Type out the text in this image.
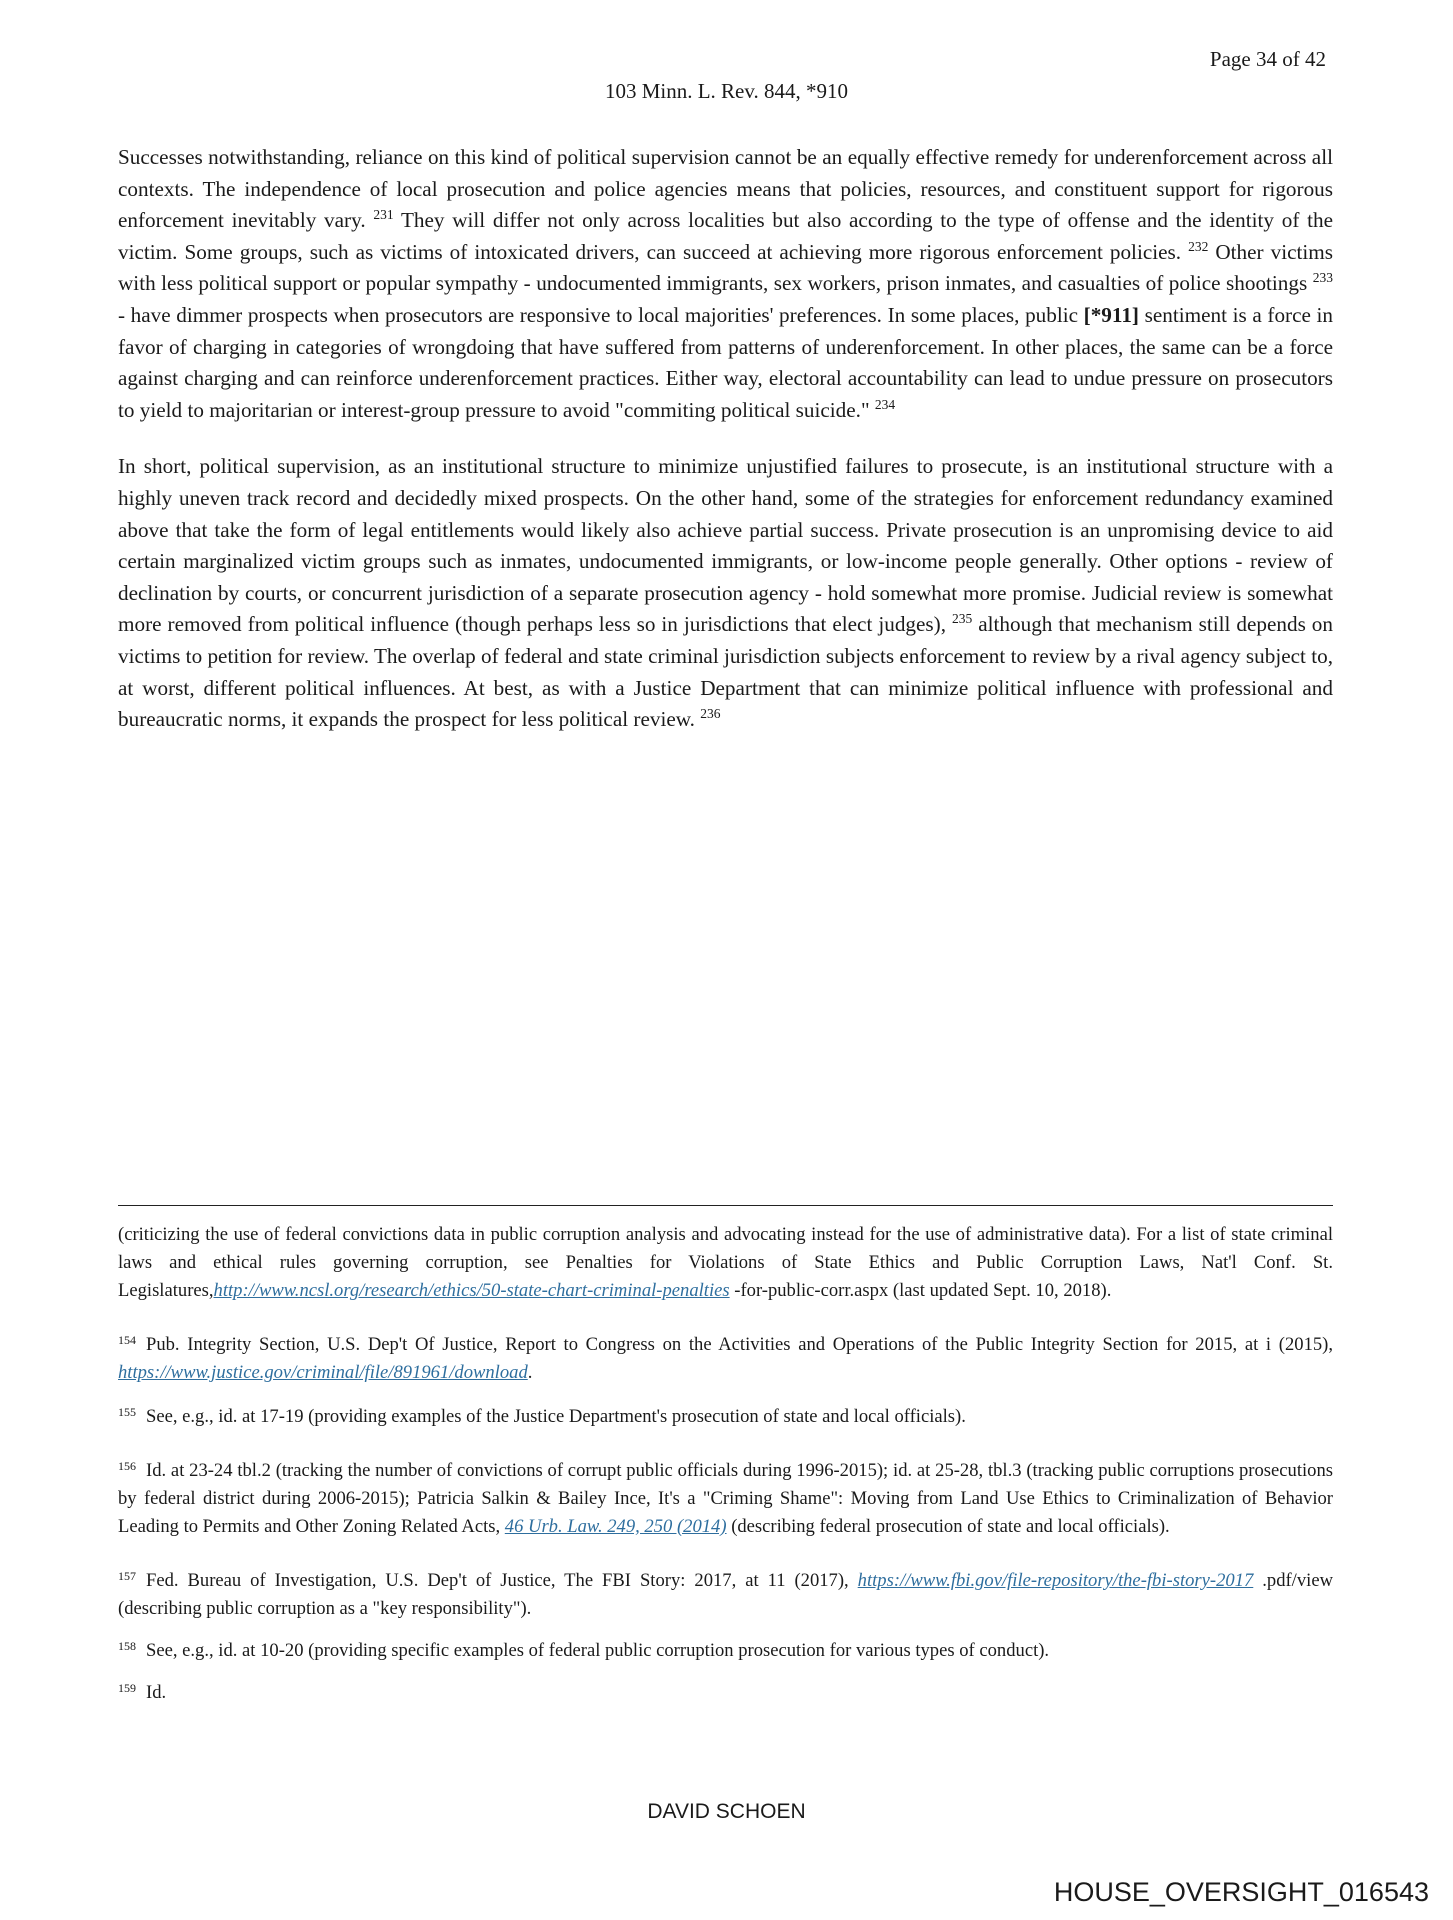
Page 34 of 42
103 Minn. L. Rev. 844, *910

Successes notwithstanding, reliance on this kind of political supervision cannot be an equally effective remedy for underenforcement across all contexts. The independence of local prosecution and police agencies means that policies, resources, and constituent support for rigorous enforcement inevitably vary. $^{231}$ They will differ not only across localities but also according to the type of offense and the identity of the victim. Some groups, such as victims of intoxicated drivers, can succeed at achieving more rigorous enforcement policies. $^{232}$ Other victims with less political support or popular sympathy - undocumented immigrants, sex workers, prison inmates, and casualties of police shootings $^{233}$ - have dimmer prospects when prosecutors are responsive to local majorities' preferences. In some places, public [*911] sentiment is a force in favor of charging in categories of wrongdoing that have suffered from patterns of underenforcement. In other places, the same can be a force against charging and can reinforce underenforcement practices. Either way, electoral accountability can lead to undue pressure on prosecutors to yield to majoritarian or interest-group pressure to avoid "commiting political suicide." $^{234}$

In short, political supervision, as an institutional structure to minimize unjustified failures to prosecute, is an institutional structure with a highly uneven track record and decidedly mixed prospects. On the other hand, some of the strategies for enforcement redundancy examined above that take the form of legal entitlements would likely also achieve partial success. Private prosecution is an unpromising device to aid certain marginalized victim groups such as inmates, undocumented immigrants, or low-income people generally. Other options - review of declination by courts, or concurrent jurisdiction of a separate prosecution agency - hold somewhat more promise. Judicial review is somewhat more removed from political influence (though perhaps less so in jurisdictions that elect judges), $^{235}$ although that mechanism still depends on victims to petition for review. The overlap of federal and state criminal jurisdiction subjects enforcement to review by a rival agency subject to, at worst, different political influences. At best, as with a Justice Department that can minimize political influence with professional and bureaucratic norms, it expands the prospect for less political review. $^{236}$

(criticizing the use of federal convictions data in public corruption analysis and advocating instead for the use of administrative data). For a list of state criminal laws and ethical rules governing corruption, see Penalties for Violations of State Ethics and Public Corruption Laws, Nat'l Conf. St. Legislatures,http://www.ncsl.org/research/ethics/50-state-chart-criminal-penalties -for-public-corr.aspx (last updated Sept. 10, 2018).

$^{154}$ Pub. Integrity Section, U.S. Dep't Of Justice, Report to Congress on the Activities and Operations of the Public Integrity Section for 2015, at i (2015), https://www.justice.gov/criminal/file/891961/download.

$^{155}$ See, e.g., id. at 17-19 (providing examples of the Justice Department's prosecution of state and local officials).

$^{156}$ Id. at 23-24 tbl.2 (tracking the number of convictions of corrupt public officials during 1996-2015); id. at 25-28, tbl.3 (tracking public corruptions prosecutions by federal district during 2006-2015); Patricia Salkin & Bailey Ince, It's a "Criming Shame": Moving from Land Use Ethics to Criminalization of Behavior Leading to Permits and Other Zoning Related Acts, 46 Urb. Law. 249, 250 (2014) (describing federal prosecution of state and local officials).

$^{157}$ Fed. Bureau of Investigation, U.S. Dep't of Justice, The FBI Story: 2017, at 11 (2017), https://www.fbi.gov/file-repository/the-fbi-story-2017 .pdf/view (describing public corruption as a "key responsibility").

$^{158}$ See, e.g., id. at 10-20 (providing specific examples of federal public corruption prosecution for various types of conduct).

$^{159}$ Id.

DAVID SCHOEN
HOUSE_OVERSIGHT_016543
